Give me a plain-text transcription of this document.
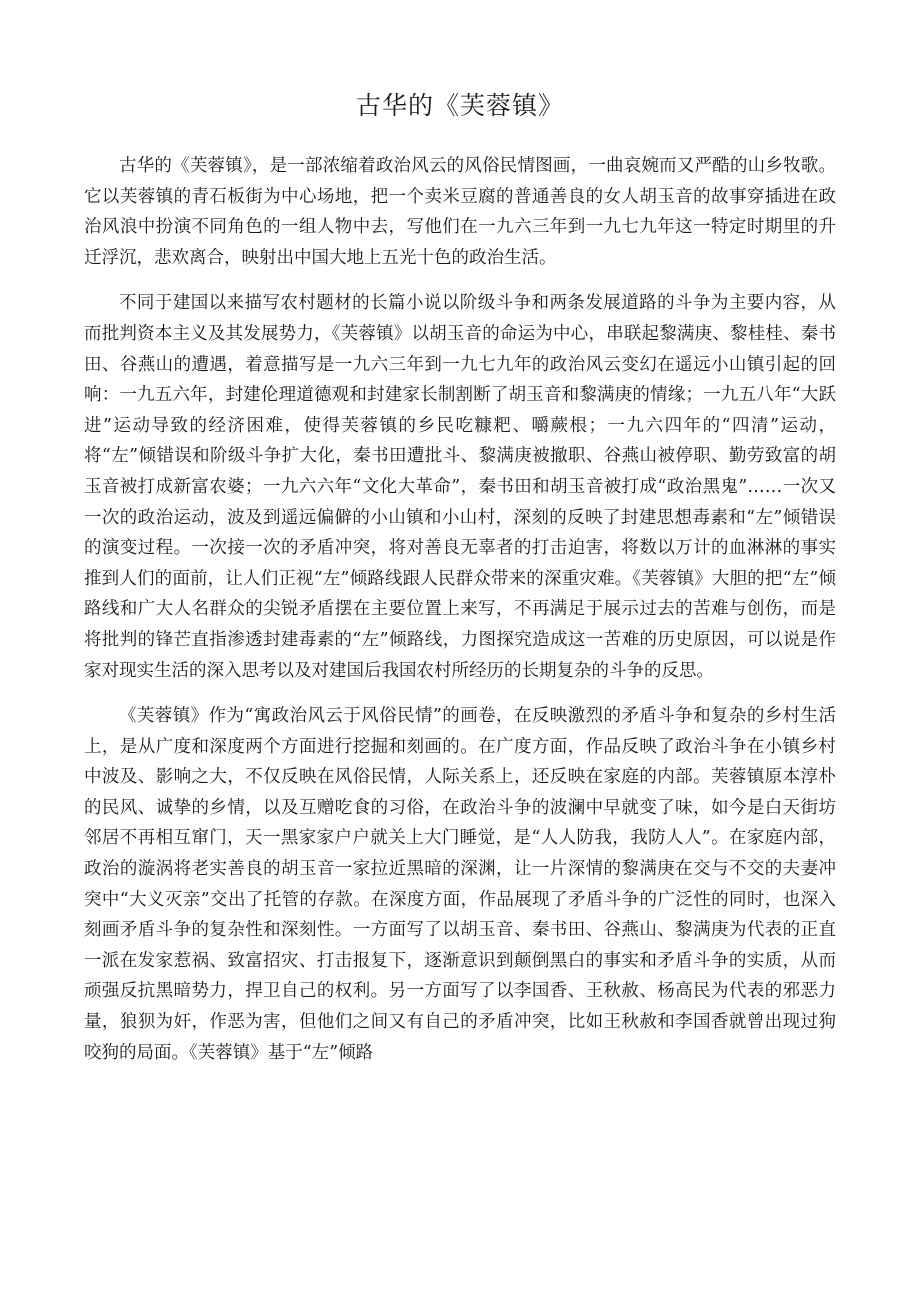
古华的《芙蓉镇》

古华的《芙蓉镇》，是一部浓缩着政治风云的风俗民情图画，一曲哀婉而又严酷的山乡牧歌。它以芙蓉镇的青石板街为中心场地，把一个卖米豆腐的普通善良的女人胡玉音的故事穿插进在政治风浪中扮演不同角色的一组人物中去，写他们在一九六三年到一九七九年这一特定时期里的升迁浮沉，悲欢离合，映射出中国大地上五光十色的政治生活。

不同于建国以来描写农村题材的长篇小说以阶级斗争和两条发展道路的斗争为主要内容，从而批判资本主义及其发展势力，《芙蓉镇》以胡玉音的命运为中心，串联起黎满庚、黎桂桂、秦书田、谷燕山的遭遇，着意描写是一九六三年到一九七九年的政治风云变幻在遥远小山镇引起的回响：一九五六年，封建伦理道德观和封建家长制割断了胡玉音和黎满庚的情缘；一九五八年“大跃进”运动导致的经济困难，使得芙蓉镇的乡民吃糠粑、嚼蕨根；一九六四年的“四清”运动，将“左”倾错误和阶级斗争扩大化，秦书田遭批斗、黎满庚被撤职、谷燕山被停职、勤劳致富的胡玉音被打成新富农婆；一九六六年“文化大革命”，秦书田和胡玉音被打成“政治黑鬼”……一次又一次的政治运动，波及到遥远偏僻的小山镇和小山村，深刻的反映了封建思想毒素和“左”倾错误的演变过程。一次接一次的矛盾冲突，将对善良无辜者的打击迫害，将数以万计的血淋淋的事实推到人们的面前，让人们正视“左”倾路线跟人民群众带来的深重灾难。《芙蓉镇》大胆的把“左”倾路线和广大人名群众的尖锐矛盾摆在主要位置上来写，不再满足于展示过去的苦难与创伤，而是将批判的锋芒直指渗透封建毒素的“左”倾路线，力图探究造成这一苦难的历史原因，可以说是作家对现实生活的深入思考以及对建国后我国农村所经历的长期复杂的斗争的反思。

《芙蓉镇》作为“寓政治风云于风俗民情”的画卷，在反映激烈的矛盾斗争和复杂的乡村生活上，是从广度和深度两个方面进行挖掘和刻画的。在广度方面，作品反映了政治斗争在小镇乡村中波及、影响之大，不仅反映在风俗民情，人际关系上，还反映在家庭的内部。芙蓉镇原本淳朴的民风、诚挚的乡情，以及互赠吃食的习俗，在政治斗争的波澜中早就变了味，如今是白天街坊邻居不再相互窜门，天一黑家家户户就关上大门睡觉，是“人人防我，我防人人”。在家庭内部，政治的漩涡将老实善良的胡玉音一家拉近黑暗的深渊，让一片深情的黎满庚在交与不交的夫妻冲突中“大义灭亲”交出了托管的存款。在深度方面，作品展现了矛盾斗争的广泛性的同时，也深入刻画矛盾斗争的复杂性和深刻性。一方面写了以胡玉音、秦书田、谷燕山、黎满庚为代表的正直一派在发家惹祸、致富招灾、打击报复下，逐渐意识到颠倒黑白的事实和矛盾斗争的实质，从而顽强反抗黑暗势力，捍卫自己的权利。另一方面写了以李国香、王秋赦、杨高民为代表的邪恶力量，狼狈为奸，作恶为害，但他们之间又有自己的矛盾冲突，比如王秋赦和李国香就曾出现过狗咬狗的局面。《芙蓉镇》基于“左”倾路
